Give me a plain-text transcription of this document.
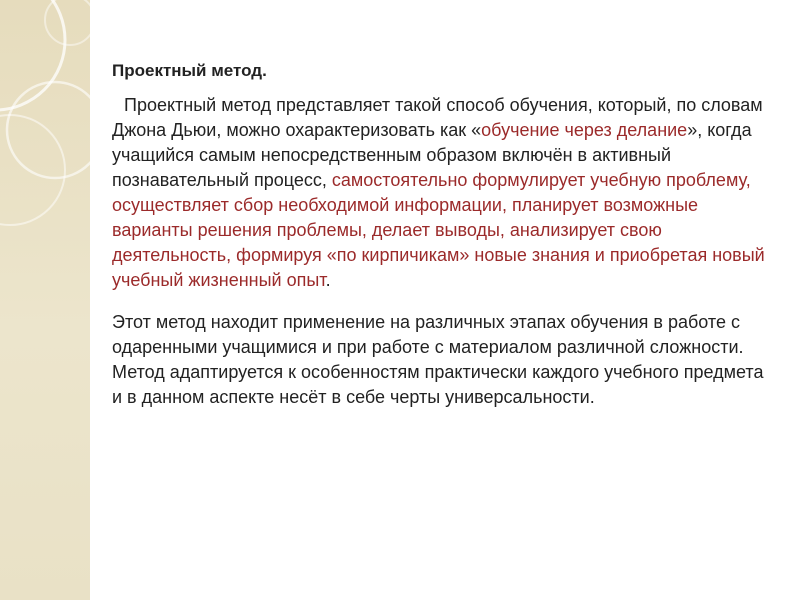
Проектный метод.

Проектный метод представляет такой способ обучения, который, по словам Джона Дьюи, можно охарактеризовать как «обучение через делание», когда учащийся самым непосредственным образом включён в активный познавательный процесс, самостоятельно формулирует учебную проблему, осуществляет сбор необходимой информации, планирует возможные варианты решения проблемы, делает выводы, анализирует свою деятельность, формируя «по кирпичикам» новые знания и приобретая новый учебный жизненный опыт.

Этот метод находит применение на различных этапах обучения в работе с одаренными учащимися и при работе с материалом различной сложности. Метод адаптируется к особенностям практически каждого учебного предмета и в данном аспекте несёт в себе черты универсальности.
